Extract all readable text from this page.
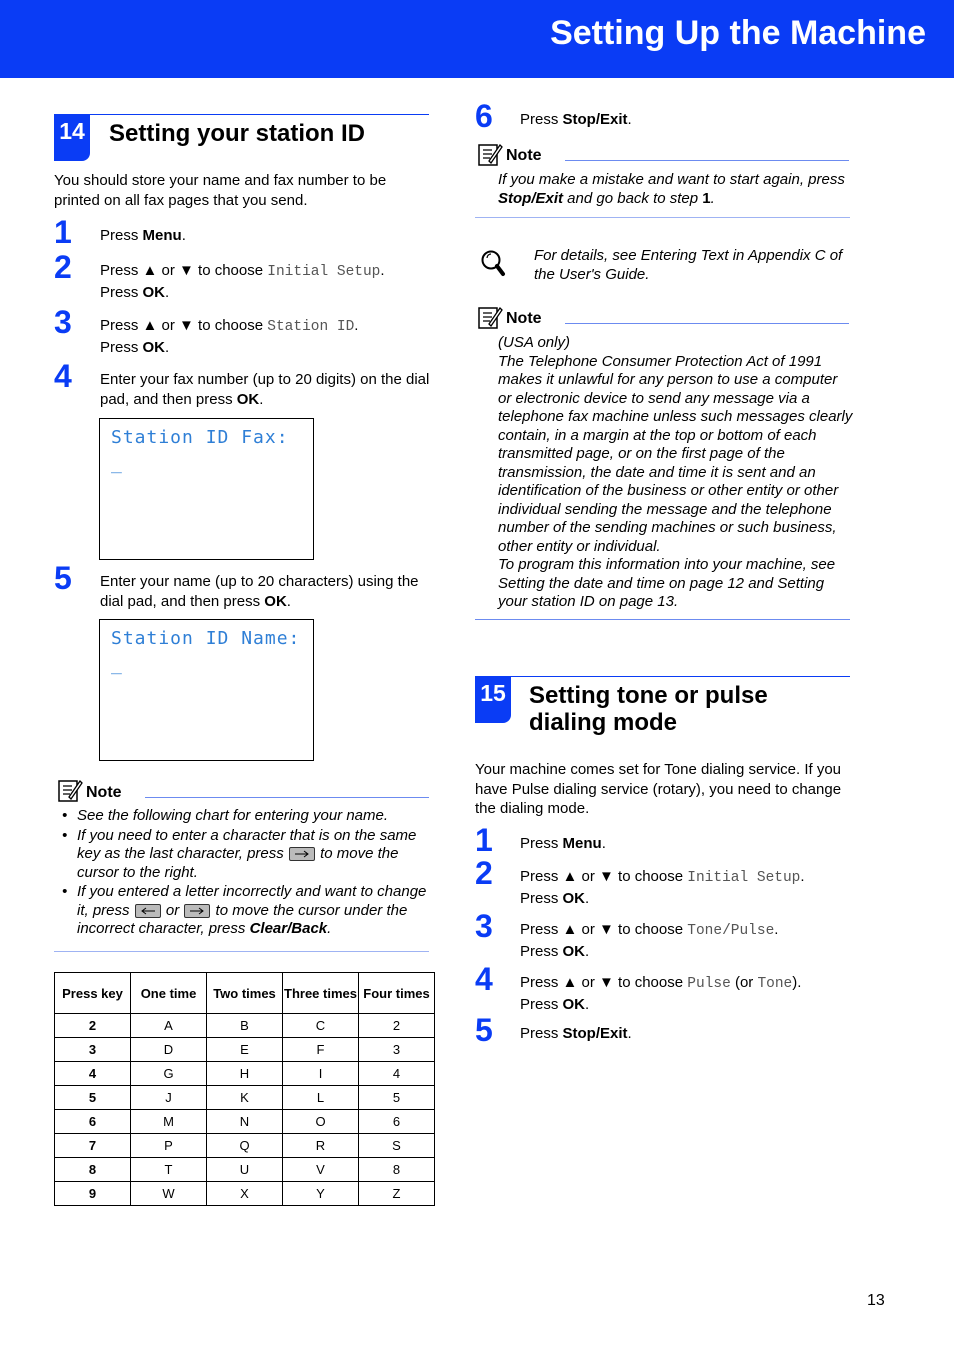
Setting Up the Machine
14 Setting your station ID
You should store your name and fax number to be printed on all fax pages that you send.
1 Press Menu.
2 Press ▲ or ▼ to choose Initial Setup.
Press OK.
3 Press ▲ or ▼ to choose Station ID.
Press OK.
4 Enter your fax number (up to 20 digits) on the dial pad, and then press OK.
Station ID Fax:
_
5 Enter your name (up to 20 characters) using the dial pad, and then press OK.
Station ID Name:
_
Note
• See the following chart for entering your name.
• If you need to enter a character that is on the same key as the last character, press
to move the cursor to the right.
• If you entered a letter incorrectly and want to change it, press
or
to move the cursor under the incorrect character, press Clear/Back.
Press key	One time	Two times	Three times	Four times
2	A	B	C	2
3	D	E	F	3
4	G	H	I	4
5	J	K	L	5
6	M	N	O	6
7	P	Q	R	S
8	T	U	V	8
9	W	X	Y	Z
6 Press Stop/Exit.
Note
If you make a mistake and want to start again, press Stop/Exit and go back to step 1.
For details, see Entering Text in Appendix C of the User's Guide.
Note
(USA only)
The Telephone Consumer Protection Act of 1991 makes it unlawful for any person to use a computer or electronic device to send any message via a telephone fax machine unless such messages clearly contain, in a margin at the top or bottom of each transmitted page, or on the first page of the transmission, the date and time it is sent and an identification of the business or other entity or other individual sending the message and the telephone number of the sending machines or such business, other entity or individual.
To program this information into your machine, see Setting the date and time on page 12 and Setting your station ID on page 13.
15 Setting tone or pulse dialing mode
Your machine comes set for Tone dialing service. If you have Pulse dialing service (rotary), you need to change the dialing mode.
1 Press Menu.
2 Press ▲ or ▼ to choose Initial Setup.
Press OK.
3 Press ▲ or ▼ to choose Tone/Pulse.
Press OK.
4 Press ▲ or ▼ to choose Pulse (or Tone).
Press OK.
5 Press Stop/Exit.
13
